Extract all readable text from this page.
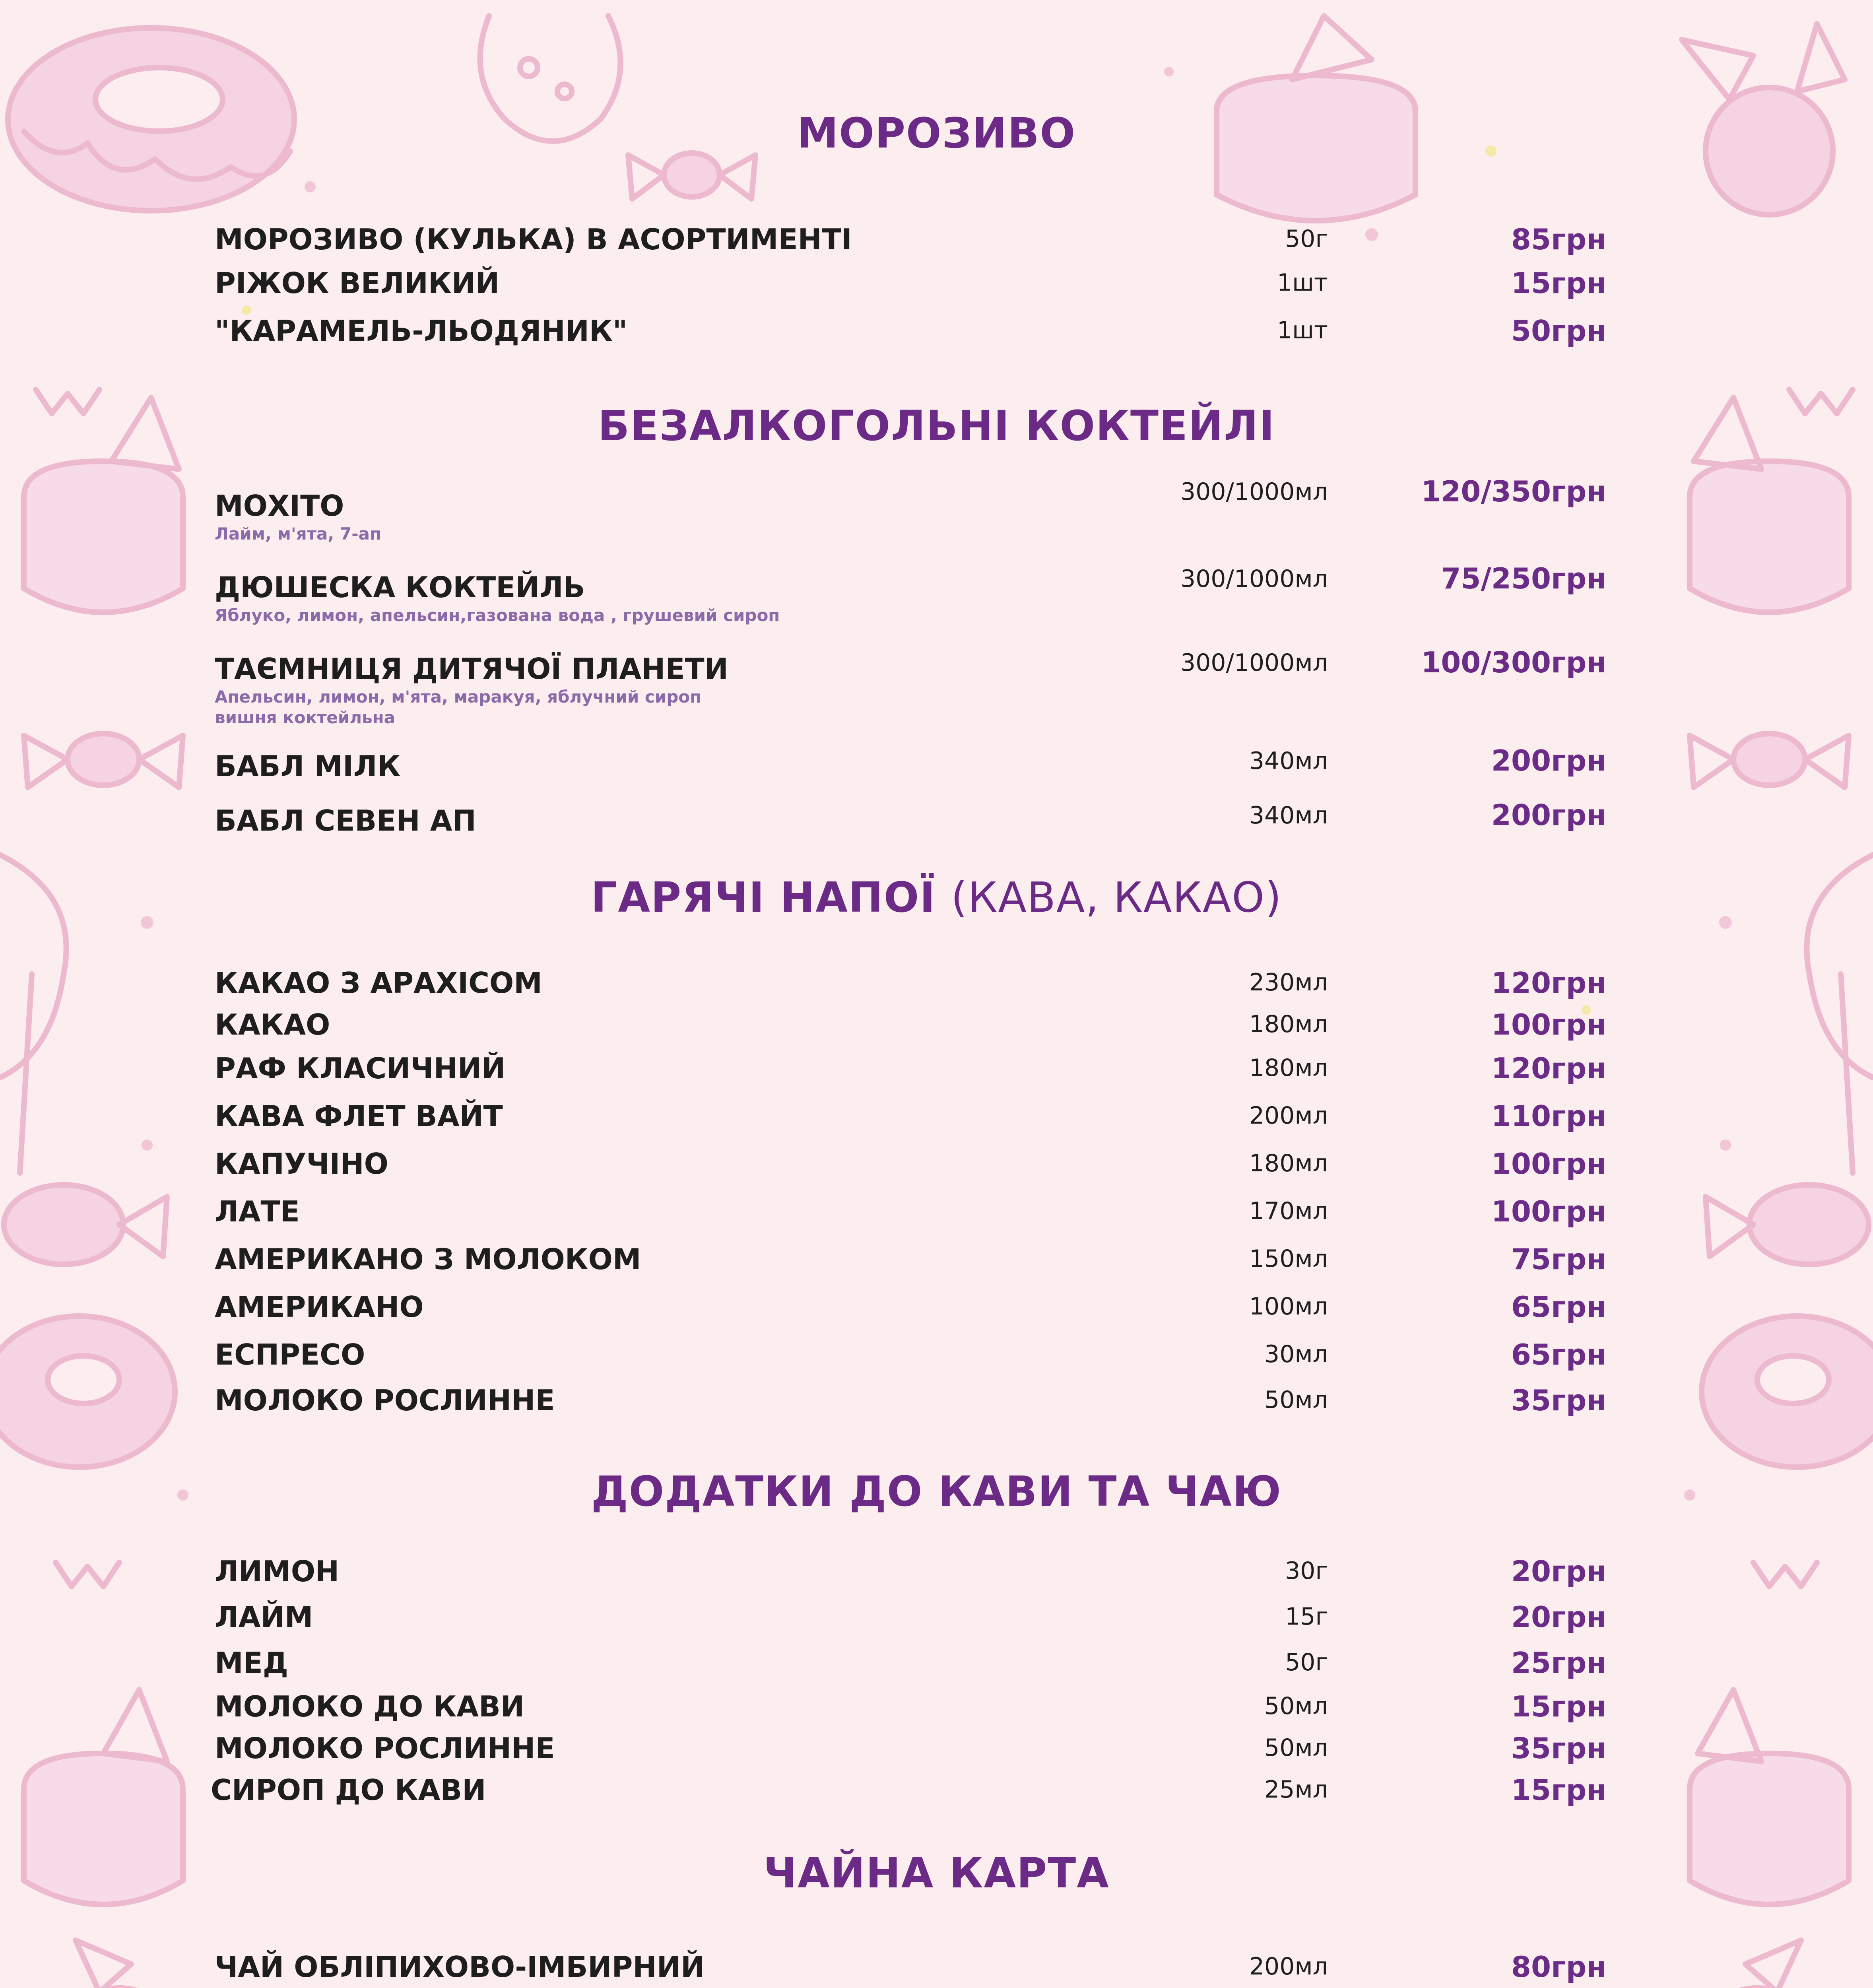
МОРОЗИВО
МОРОЗИВО (КУЛЬКА) В АСОРТИМЕНТІ	50г	85грн
РІЖОК ВЕЛИКИЙ	1шт	15грн
"КАРАМЕЛЬ-ЛЬОДЯНИК"	1шт	50грн
БЕЗАЛКОГОЛЬНІ КОКТЕЙЛІ
МОХІТО
Лайм, м'ята, 7-ап
300/1000мл	120/350грн
ДЮШЕСКА КОКТЕЙЛЬ
Яблуко, лимон, апельсин,газована вода , грушевий сироп
300/1000мл	75/250грн
ТАЄМНИЦЯ ДИТЯЧОЇ ПЛАНЕТИ
Апельсин, лимон, м'ята, маракуя, яблучний сироп
вишня коктейльна
300/1000мл	100/300грн
БАБЛ МІЛК	340мл	200грн
БАБЛ СЕВЕН АП	340мл	200грн
ГАРЯЧІ НАПОЇ (КАВА, КАКАО)
КАКАО З АРАХІСОМ	230мл	120грн
КАКАО	180мл	100грн
РАФ КЛАСИЧНИЙ	180мл	120грн
КАВА ФЛЕТ ВАЙТ	200мл	110грн
КАПУЧІНО	180мл	100грн
ЛАТЕ	170мл	100грн
АМЕРИКАНО З МОЛОКОМ	150мл	75грн
АМЕРИКАНО	100мл	65грн
ЕСПРЕСО	30мл	65грн
МОЛОКО РОСЛИННЕ	50мл	35грн
ДОДАТКИ ДО КАВИ ТА ЧАЮ
ЛИМОН	30г	20грн
ЛАЙМ	15г	20грн
МЕД	50г	25грн
МОЛОКО ДО КАВИ	50мл	15грн
МОЛОКО РОСЛИННЕ	50мл	35грн
СИРОП ДО КАВИ	25мл	15грн
ЧАЙНА КАРТА
ЧАЙ ОБЛІПИХОВО-ІМБИРНИЙ	200мл	80грн
